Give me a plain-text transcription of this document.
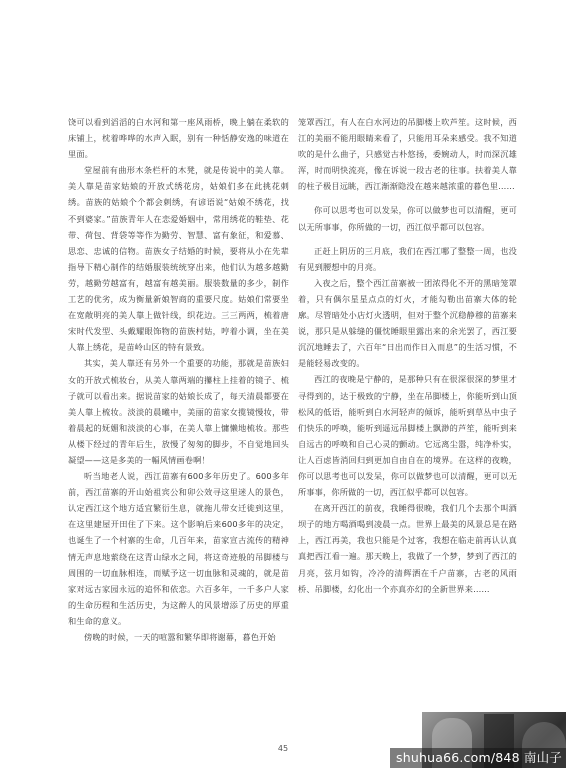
饶可以看到滔滔的白水河和第一座风雨桥，晚上躺在柔软的床铺上，枕着哗哗的水声入眠，别有一种恬静安逸的味道在里面。

堂屋前有曲形木条栏杆的木凳，就是传说中的美人靠。美人靠是苗家姑娘的开放式绣花房，姑娘们多在此挑花刺绣。苗族的姑娘个个都会刺绣，有谚语说“姑娘不绣花，找不到婆家。”苗族青年人在恋爱婚姻中，常用绣花的鞋垫、花带、荷包、背袋等等作为勤劳、智慧、富有象征，和爱慕、思恋、忠诚的信物。苗族女子结婚的时候，要将从小在先辈指导下精心制作的结婚服装统统穿出来，他们认为越多越勤劳，越勤劳越富有，越富有越美丽。服装数量的多少，制作工艺的优劣，成为衡量新娘智商的重要尺度。姑娘们常要坐在宽敞明亮的美人靠上做针线，织花边。三三两两，梳着唐宋时代发型、头戴耀眼饰物的苗族村姑，哼着小调，坐在美人靠上绣花，是苗岭山区的特有景致。

其实，美人靠还有另外一个重要的功能，那就是苗族妇女的开放式梳妆台，从美人靠两端的攥柱上挂着的镜子、梳子就可以看出来。据说苗家的姑娘长成了，每天清晨都要在美人靠上梳妆。淡淡的晨曦中，美丽的苗家女揽镜慢妆，带着晨起的妩媚和淡淡的心事，在美人靠上慵懒地梳妆。那些从楼下经过的青年后生，放慢了匆匆的脚步，不自觉地回头凝望——这是多美的一幅风情画卷啊！

听当地老人说，西江苗寨有600多年历史了。600多年前，西江苗寨的开山始祖宾公和卯公效寻这里迷人的景色，认定西江这个地方适宜繁衍生息，就拖儿带女迁徙到这里，在这里建屋开田住了下来。这个影响后来600多年的决定，也诞生了一个村寨的生命，几百年来，苗家宣古流传的精神情无声息地萦绕在这青山绿水之间，将这奇迹般的吊脚楼与周围的一切血脉相连，而赋予这一切血脉和灵魂的，就是苗家对远古家园永远的追怀和依恋。六百多年，一千多户人家的生命历程和生活历史，为这醉人的风景增添了历史的厚重和生命的意义。

傍晚的时候，一天的喧嚣和繁华即将谢幕，暮色开始

笼罩西江，有人在白水河边的吊脚楼上吹芦笙。这时候，西江的美丽不能用眼睛来看了，只能用耳朵来感受。我不知道吹的是什么曲子，只感觉古朴悠扬，委婉动人，时而深沉雄浑，时而明快流亮，像在诉说一段古老的往事。扶着美人靠的柱子极目远眺，西江渐渐隐没在越来越浓重的暮色里……

你可以思考也可以发呆，你可以做梦也可以清醒，更可以无所事事，你所做的一切，西江似乎都可以包容。

正赶上阴历的三月底，我们在西江哪了整整一周，也没有见到腰想中的月亮。

入夜之后，整个西江苗寨被一团浓得化不开的黑暗笼罩着，只有偶尔星星点点的灯火，才能勾勒出苗寨大体的轮廓。尽管暗处小店灯火透明，但对于整个沉稳静穆的苗寨来说，那只是从躲缝的僵忱睡眼里露出来的余光罢了，西江要沉沉地睡去了，六百年“日出而作日入而息”的生活习惯，不是能轻易改变的。

西江的夜晚是宁静的，是那种只有在很深很深的梦里才寻得到的，达于极致的宁静，坐在吊脚楼上，你能听到山顶松风的低语，能听到白水河轻声的倾诉，能听到草丛中虫子们快乐的呼唤，能听到遥远吊脚楼上飘渺的芦笙，能听到来自远古的呼唤和自己心灵的颤动。它远离尘嚣，纯净朴实，让人百虑皆消回归到更加自由自在的境界。在这样的夜晚，你可以思考也可以发呆，你可以做梦也可以清醒，更可以无所事事，你所做的一切，西江似乎都可以包容。

在离开西江的前夜，我睡得很晚，我们几个去那个叫酒坝子的地方喝酒喝到凌晨一点。世界上最美的风景总是在路上，西江再美，我也只能是个过客，我想在临走前再认认真真把西江看一遍。那天晚上，我做了一个梦，梦到了西江的月亮，弦月如钩，冷冷的清辉洒在千户苗寨，古老的风雨桥、吊脚楼，幻化出一个亦真亦幻的全新世界来……

45
shuhua66.com/848 南山子
